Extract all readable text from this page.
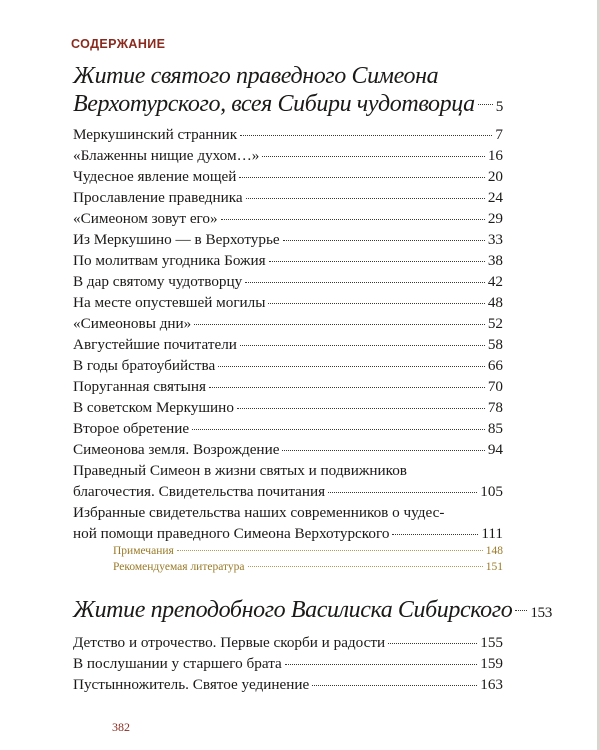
СОДЕРЖАНИЕ
Житие святого праведного Симеона
Верхотурского, всея Сибири чудотворца 5
Меркушинский странник	7
«Блаженны нищие духом…»	16
Чудесное явление мощей	20
Прославление праведника	24
«Симеоном зовут его»	29
Из Меркушино — в Верхотурье	33
По молитвам угодника Божия	38
В дар святому чудотворцу	42
На месте опустевшей могилы	48
«Симеоновы дни»	52
Августейшие почитатели	58
В годы братоубийства	66
Поруганная святыня	70
В советском Меркушино	78
Второе обретение	85
Симеонова земля. Возрождение	94
Праведный Симеон в жизни святых и подвижников
благочестия. Свидетельства почитания	105
Избранные свидетельства наших современников о чудес-
ной помощи праведного Симеона Верхотурского	111
Примечания	148
Рекомендуемая литература	151
Житие преподобного Василиска Сибирского 153
Детство и отрочество. Первые скорби и радости	155
В послушании у старшего брата	159
Пустынножитель. Святое уединение	163
382
